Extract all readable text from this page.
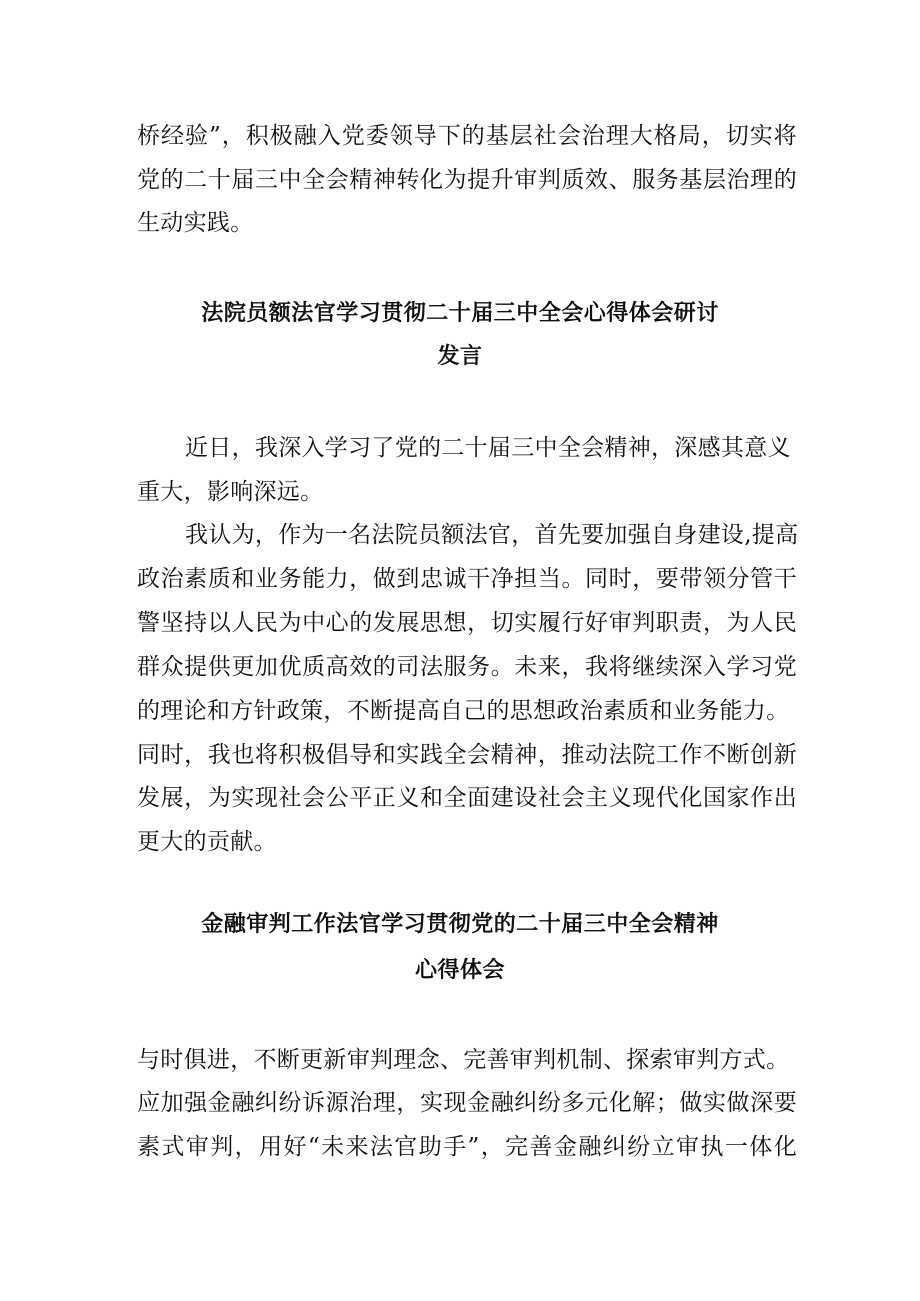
桥经验”，积极融入党委领导下的基层社会治理大格局，切实将
党的二十届三中全会精神转化为提升审判质效、服务基层治理的
生动实践。
法院员额法官学习贯彻二十届三中全会心得体会研讨
发言
近日，我深入学习了党的二十届三中全会精神，深感其意义
重大，影响深远。
我认为，作为一名法院员额法官，首先要加强自身建设,提高
政治素质和业务能力，做到忠诚干净担当。同时，要带领分管干
警坚持以人民为中心的发展思想，切实履行好审判职责，为人民
群众提供更加优质高效的司法服务。未来，我将继续深入学习党
的理论和方针政策，不断提高自己的思想政治素质和业务能力。
同时，我也将积极倡导和实践全会精神，推动法院工作不断创新
发展，为实现社会公平正义和全面建设社会主义现代化国家作出
更大的贡献。
金融审判工作法官学习贯彻党的二十届三中全会精神
心得体会
与时俱进，不断更新审判理念、完善审判机制、探索审判方式。
应加强金融纠纷诉源治理，实现金融纠纷多元化解；做实做深要
素式审判，用好“未来法官助手”，完善金融纠纷立审执一体化
